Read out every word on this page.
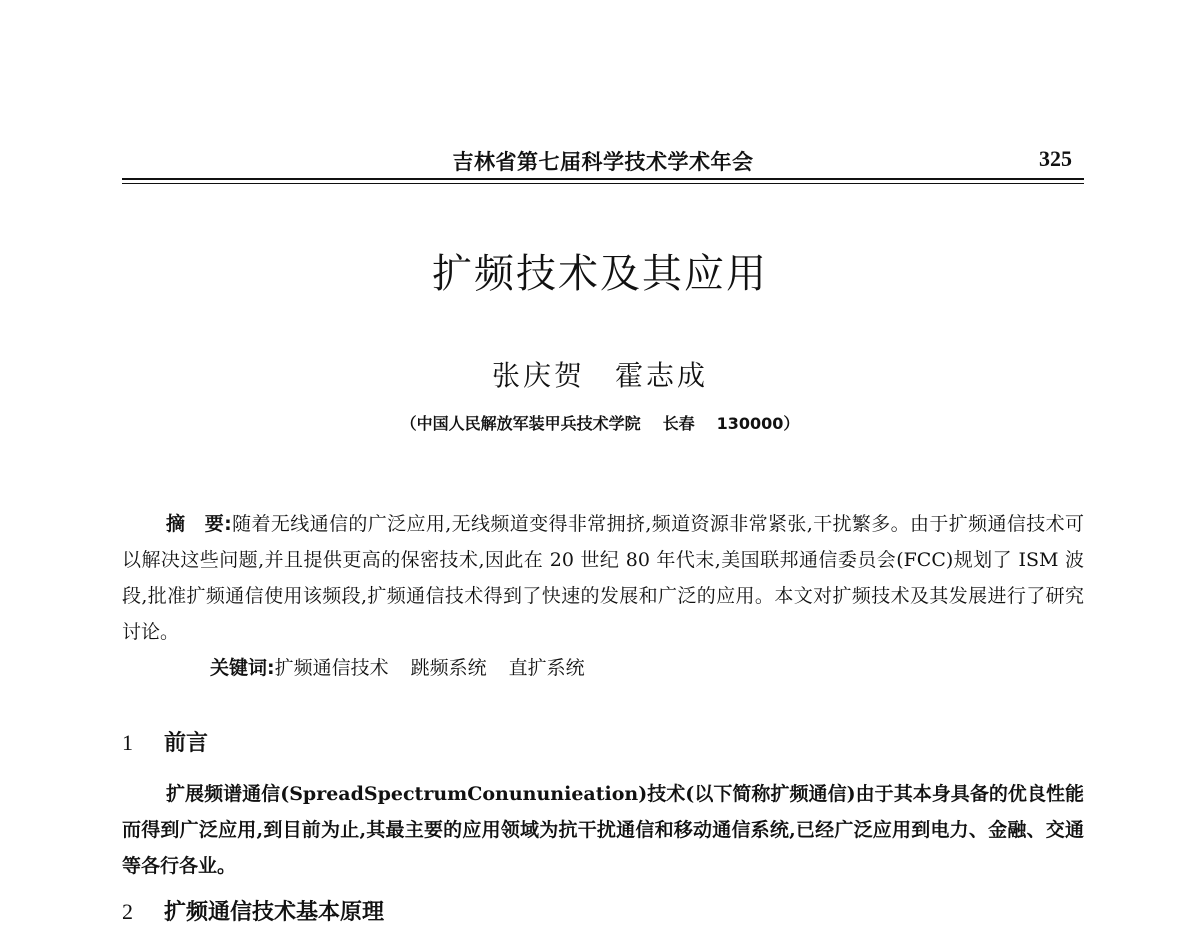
吉林省第七届科学技术学术年会	325
扩频技术及其应用
张庆贺 霍志成
（中国人民解放军装甲兵技术学院 长春 130000）

摘　要:随着无线通信的广泛应用,无线频道变得非常拥挤,频道资源非常紧张,干扰繁多。由于扩频通信技术可以解决这些问题,并且提供更高的保密技术,因此在 20 世纪 80 年代末,美国联邦通信委员会(FCC)规划了 ISM 波段,批准扩频通信使用该频段,扩频通信技术得到了快速的发展和广泛的应用。本文对扩频技术及其发展进行了研究讨论。

关键词:扩频通信技术 跳频系统 直扩系统

1 前言

扩展频谱通信(SpreadSpectrumConununieation)技术(以下简称扩频通信)由于其本身具备的优良性能而得到广泛应用,到目前为止,其最主要的应用领域为抗干扰通信和移动通信系统,已经广泛应用到电力、金融、交通等各行各业。

2 扩频通信技术基本原理
